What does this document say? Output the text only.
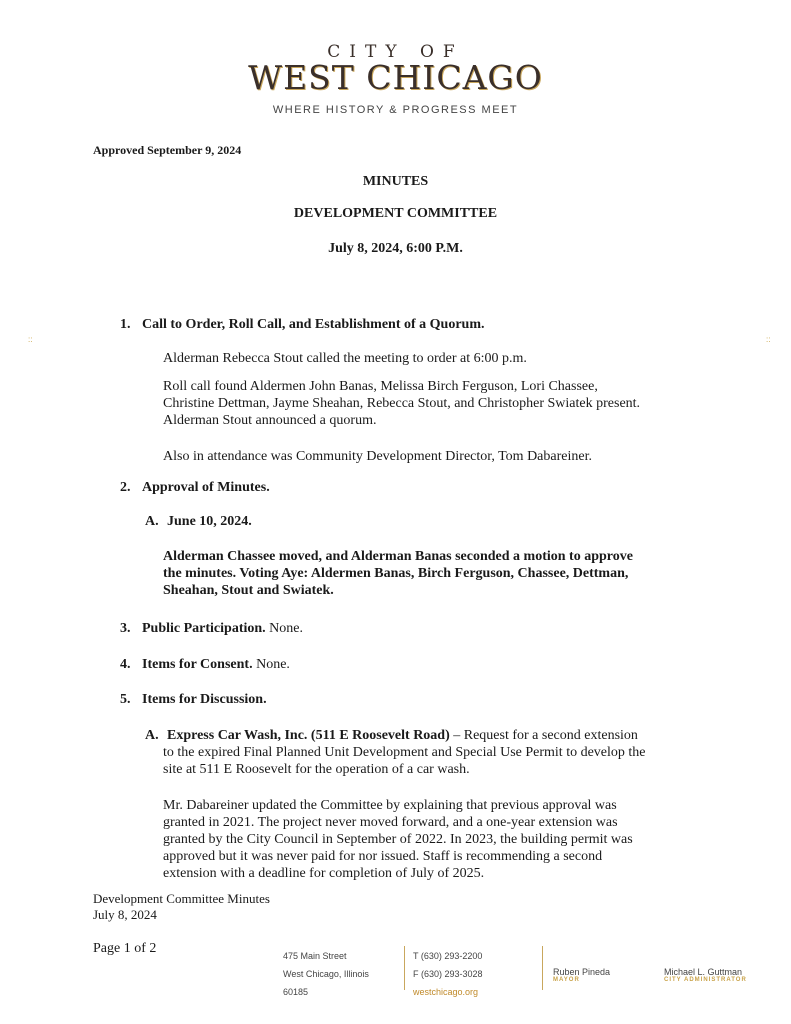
CITY OF
WEST CHICAGO
WHERE HISTORY & PROGRESS MEET
Approved September 9, 2024
MINUTES
DEVELOPMENT COMMITTEE
July 8, 2024, 6:00 P.M.
::	::
1. Call to Order, Roll Call, and Establishment of a Quorum.
Alderman Rebecca Stout called the meeting to order at 6:00 p.m.
Roll call found Aldermen John Banas, Melissa Birch Ferguson, Lori Chassee,
Christine Dettman, Jayme Sheahan, Rebecca Stout, and Christopher Swiatek present.
Alderman Stout announced a quorum.
Also in attendance was Community Development Director, Tom Dabareiner.
2. Approval of Minutes.
A. June 10, 2024.
Alderman Chassee moved, and Alderman Banas seconded a motion to approve
the minutes. Voting Aye: Aldermen Banas, Birch Ferguson, Chassee, Dettman,
Sheahan, Stout and Swiatek.
3. Public Participation. None.
4. Items for Consent. None.
5. Items for Discussion.
A. Express Car Wash, Inc. (511 E Roosevelt Road) – Request for a second extension
to the expired Final Planned Unit Development and Special Use Permit to develop the
site at 511 E Roosevelt for the operation of a car wash.
Mr. Dabareiner updated the Committee by explaining that previous approval was
granted in 2021. The project never moved forward, and a one-year extension was
granted by the City Council in September of 2022. In 2023, the building permit was
approved but it was never paid for nor issued. Staff is recommending a second
extension with a deadline for completion of July of 2025.
Development Committee Minutes
July 8, 2024
Page 1 of 2	475 Main Street
West Chicago, Illinois
60185
T (630) 293-2200
F (630) 293-3028
westchicago.org
Ruben Pineda
MAYOR
Michael L. Guttman
CITY ADMINISTRATOR
